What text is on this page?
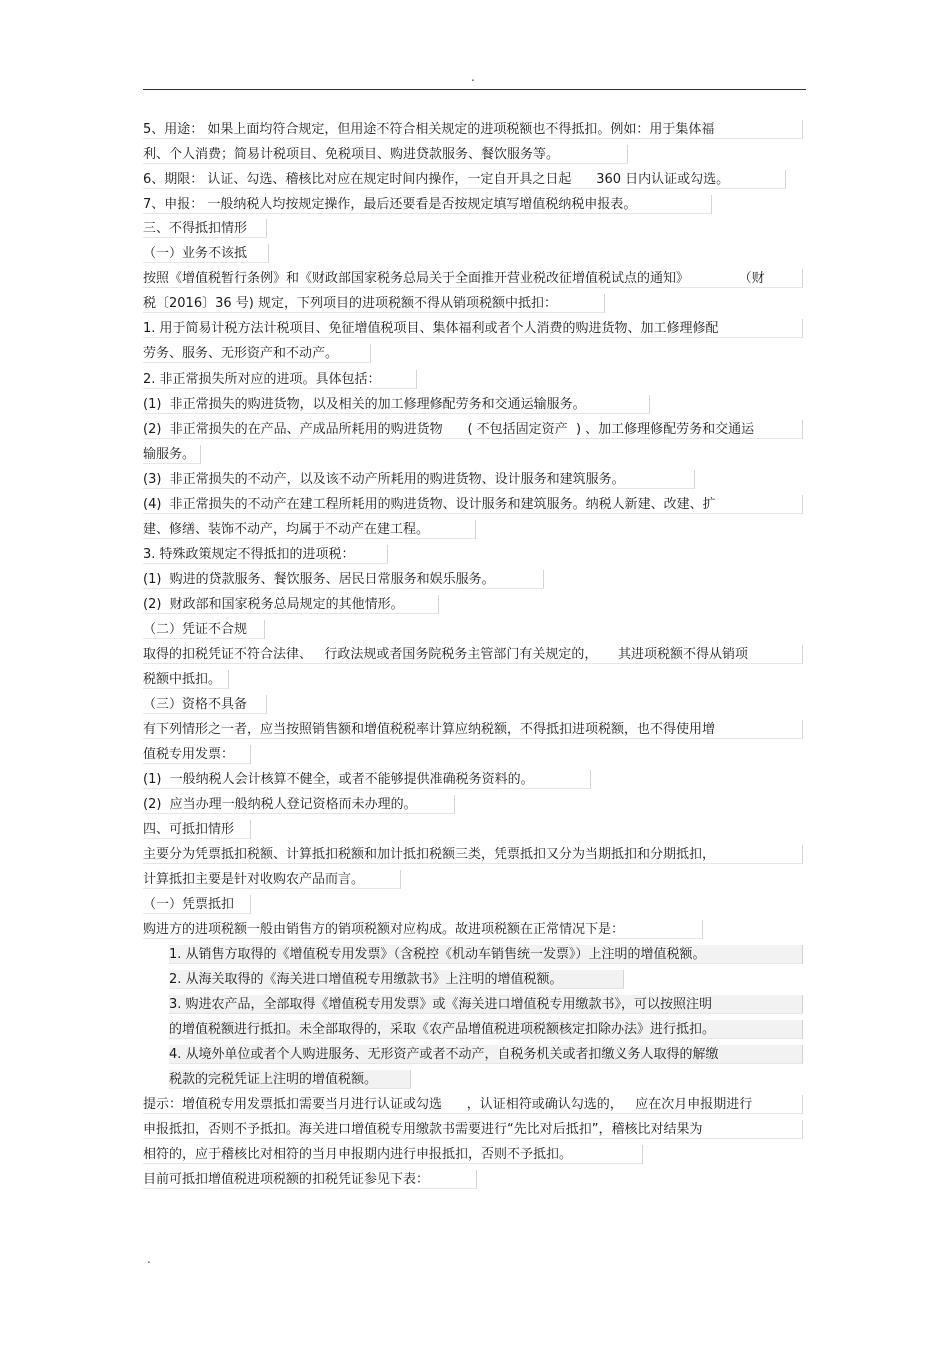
.
5、用途： 如果上面均符合规定，但用途不符合相关规定的进项税额也不得抵扣。例如：用于集体福
利、个人消费；简易计税项目、免税项目、购进贷款服务、餐饮服务等。
6、期限： 认证、勾选、稽核比对应在规定时间内操作，一定自开具之日起      360 日内认证或勾选。
7、申报： 一般纳税人均按规定操作，最后还要看是否按规定填写增值税纳税申报表。
三、不得抵扣情形
（一）业务不该抵
按照《增值税暂行条例》和《财政部国家税务总局关于全面推开营业税改征增值税试点的通知》            （财
税〔2016〕36 号) 规定，下列项目的进项税额不得从销项税额中抵扣：
1. 用于简易计税方法计税项目、免征增值税项目、集体福利或者个人消费的购进货物、加工修理修配
劳务、服务、无形资产和不动产。
2. 非正常损失所对应的进项。具体包括：
(1)  非正常损失的购进货物，以及相关的加工修理修配劳务和交通运输服务。
(2)  非正常损失的在产品、产成品所耗用的购进货物      ( 不包括固定资产  ) 、加工修理修配劳务和交通运
输服务。
(3)  非正常损失的不动产，以及该不动产所耗用的购进货物、设计服务和建筑服务。
(4)  非正常损失的不动产在建工程所耗用的购进货物、设计服务和建筑服务。纳税人新建、改建、扩
建、修缮、装饰不动产，均属于不动产在建工程。
3. 特殊政策规定不得抵扣的进项税：
(1)  购进的贷款服务、餐饮服务、居民日常服务和娱乐服务。
(2)  财政部和国家税务总局规定的其他情形。
（二）凭证不合规
取得的扣税凭证不符合法律、   行政法规或者国务院税务主管部门有关规定的，     其进项税额不得从销项
税额中抵扣。
（三）资格不具备
有下列情形之一者，应当按照销售额和增值税税率计算应纳税额，不得抵扣进项税额，也不得使用增
值税专用发票：
(1)  一般纳税人会计核算不健全，或者不能够提供准确税务资料的。
(2)  应当办理一般纳税人登记资格而未办理的。
四、可抵扣情形
主要分为凭票抵扣税额、计算抵扣税额和加计抵扣税额三类，凭票抵扣又分为当期抵扣和分期抵扣，
计算抵扣主要是针对收购农产品而言。
（一）凭票抵扣
购进方的进项税额一般由销售方的销项税额对应构成。故进项税额在正常情况下是：
1. 从销售方取得的《增值税专用发票》（含税控《机动车销售统一发票》）上注明的增值税额。
2. 从海关取得的《海关进口增值税专用缴款书》上注明的增值税额。
3. 购进农产品，全部取得《增值税专用发票》或《海关进口增值税专用缴款书》，可以按照注明
的增值税额进行抵扣。未全部取得的，采取《农产品增值税进项税额核定扣除办法》进行抵扣。
4. 从境外单位或者个人购进服务、无形资产或者不动产，自税务机关或者扣缴义务人取得的解缴
税款的完税凭证上注明的增值税额。
提示：增值税专用发票抵扣需要当月进行认证或勾选      ，认证相符或确认勾选的，   应在次月申报期进行
申报抵扣，否则不予抵扣。海关进口增值税专用缴款书需要进行“先比对后抵扣”，稽核比对结果为
相符的，应于稽核比对相符的当月申报期内进行申报抵扣，否则不予抵扣。
目前可抵扣增值税进项税额的扣税凭证参见下表：
.
